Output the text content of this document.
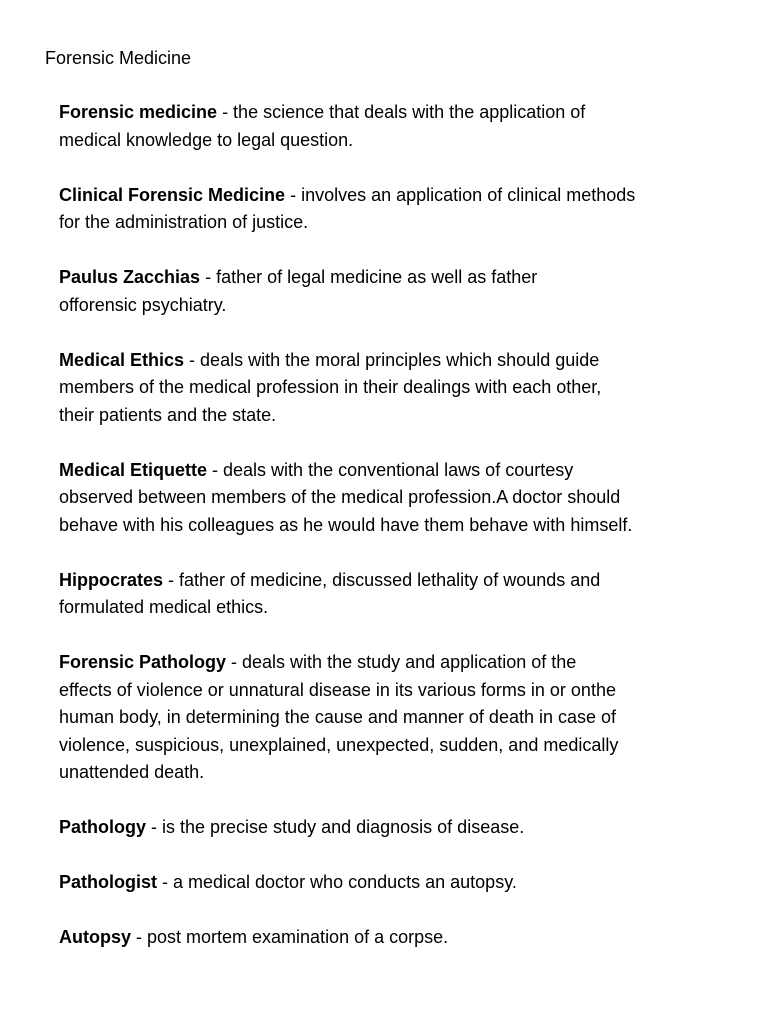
Forensic Medicine
Forensic medicine - the science that deals with the application of
medical knowledge to legal question.
Clinical Forensic Medicine - involves an application of clinical methods
for the administration of justice.
Paulus Zacchias - father of legal medicine as well as father
offorensic psychiatry.
Medical Ethics - deals with the moral principles which should guide
members of the medical profession in their dealings with each other,
their patients and the state.
Medical Etiquette - deals with the conventional laws of courtesy
observed between members of the medical profession.A doctor should
behave with his colleagues as he would have them behave with himself.
Hippocrates - father of medicine, discussed lethality of wounds and
formulated medical ethics.
Forensic Pathology - deals with the study and application of the
effects of violence or unnatural disease in its various forms in or onthe
human body, in determining the cause and manner of death in case of
violence, suspicious, unexplained, unexpected, sudden, and medically
unattended death.
Pathology - is the precise study and diagnosis of disease.
Pathologist - a medical doctor who conducts an autopsy.
Autopsy - post mortem examination of a corpse.
